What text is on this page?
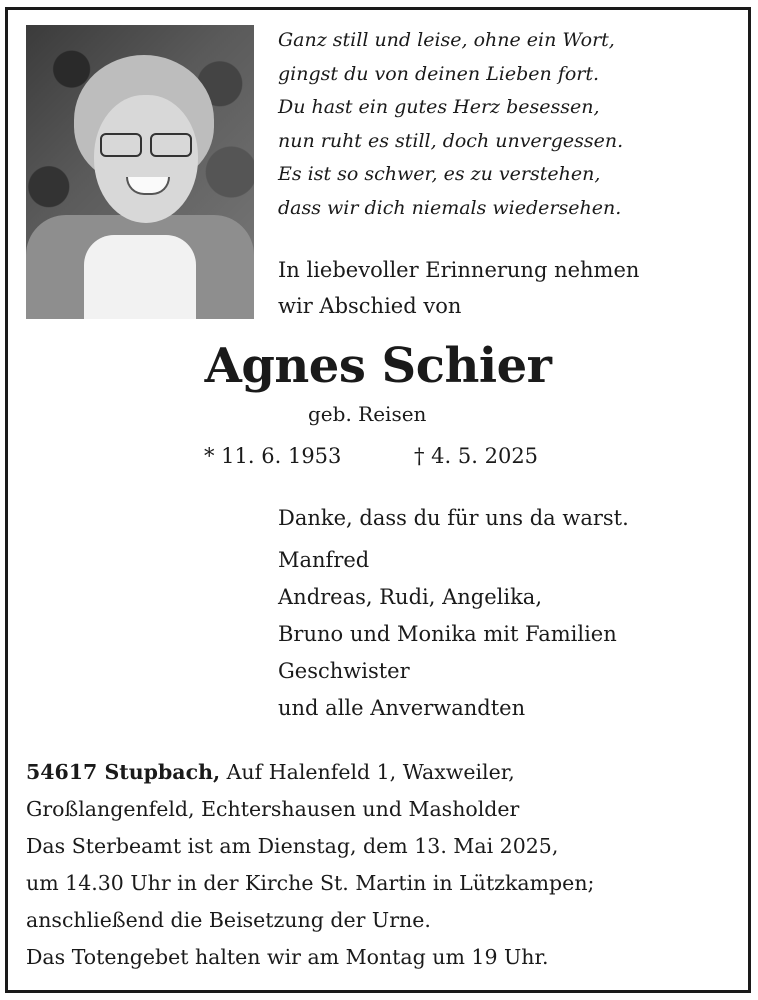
Ganz still und leise, ohne ein Wort,
gingst du von deinen Lieben fort.
Du hast ein gutes Herz besessen,
nun ruht es still, doch unvergessen.
Es ist so schwer, es zu verstehen,
dass wir dich niemals wiedersehen.
In liebevoller Erinnerung nehmen
wir Abschied von
Agnes Schier
geb. Reisen
* 11. 6. 1953	† 4. 5. 2025
Danke, dass du für uns da warst.
Manfred
Andreas, Rudi, Angelika,
Bruno und Monika mit Familien
Geschwister
und alle Anverwandten
54617 Stupbach, Auf Halenfeld 1, Waxweiler,
Großlangenfeld, Echtershausen und Masholder
Das Sterbeamt ist am Dienstag, dem 13. Mai 2025,
um 14.30 Uhr in der Kirche St. Martin in Lützkampen;
anschließend die Beisetzung der Urne.
Das Totengebet halten wir am Montag um 19 Uhr.
